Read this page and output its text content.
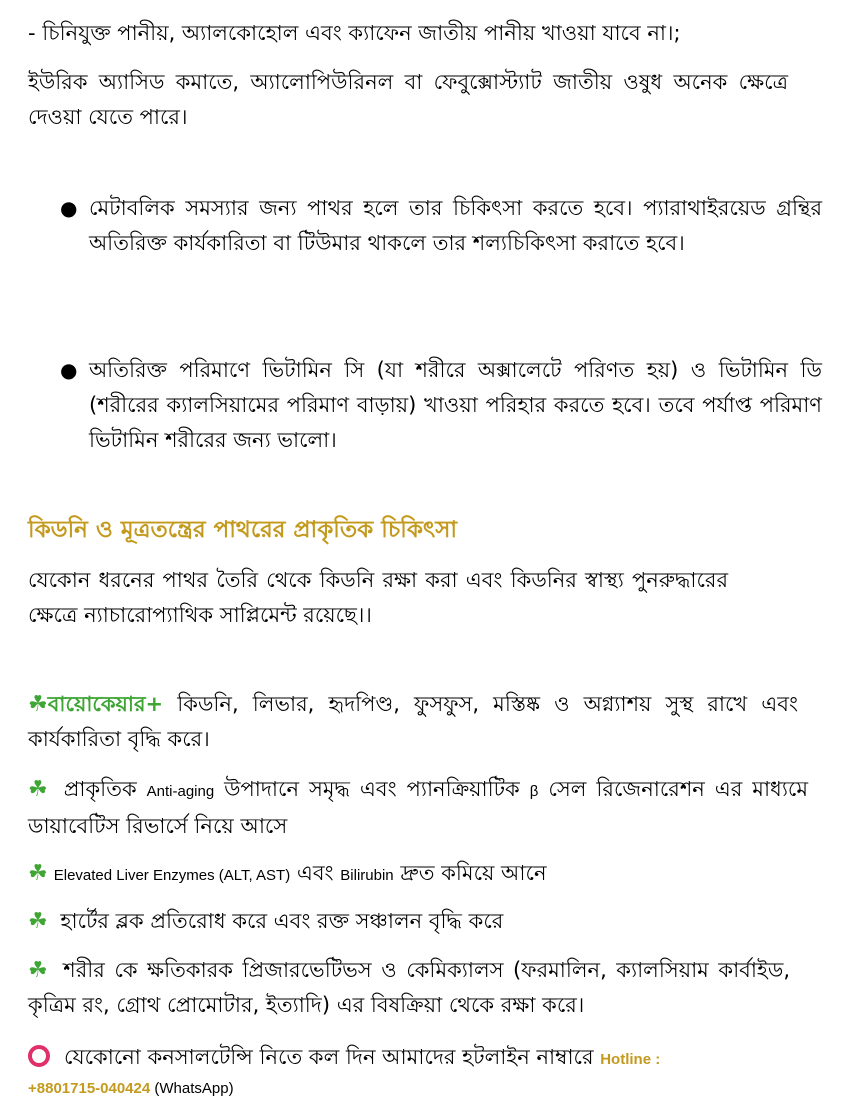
- চিনিযুক্ত পানীয়, অ্যালকোহোল এবং ক্যাফেন জাতীয় পানীয় খাওয়া যাবে না।;
ইউরিক অ্যাসিড কমাতে, অ্যালোপিউরিনল বা ফেবুক্সোস্ট্যাট জাতীয় ওষুধ অনেক ক্ষেত্রে দেওয়া যেতে পারে।
● মেটাবলিক সমস্যার জন্য পাথর হলে তার চিকিৎসা করতে হবে। প্যারাথাইরয়েড গ্রন্থির অতিরিক্ত কার্যকারিতা বা টিউমার থাকলে তার শল্যচিকিৎসা করাতে হবে।
● অতিরিক্ত পরিমাণে ভিটামিন সি (যা শরীরে অক্সালেটে পরিণত হয়) ও ভিটামিন ডি (শরীরের ক্যালসিয়ামের পরিমাণ বাড়ায়) খাওয়া পরিহার করতে হবে। তবে পর্যাপ্ত পরিমাণ ভিটামিন শরীরের জন্য ভালো।
কিডনি ও মূত্রতন্ত্রের পাথরের প্রাকৃতিক চিকিৎসা
যেকোন ধরনের পাথর তৈরি থেকে কিডনি রক্ষা করা এবং কিডনির স্বাস্থ্য পুনরুদ্ধারের ক্ষেত্রে ন্যাচারোপ্যাথিক সাপ্লিমেন্ট রয়েছে।।
☘বায়োকেয়ার+ কিডনি, লিভার, হৃদপিণ্ড, ফুসফুস, মস্তিষ্ক ও অগ্ন্যাশয় সুস্থ রাখে এবং কার্যকারিতা বৃদ্ধি করে।
☘ প্রাকৃতিক Anti-aging উপাদানে সমৃদ্ধ এবং প্যানক্রিয়াটিক β সেল রিজেনারেশন এর মাধ্যমে ডায়াবেটিস রিভার্সে নিয়ে আসে
☘ Elevated Liver Enzymes (ALT, AST) এবং Bilirubin দ্রুত কমিয়ে আনে
☘ হার্টের ব্লক প্রতিরোধ করে এবং রক্ত সঞ্চালন বৃদ্ধি করে
☘ শরীর কে ক্ষতিকারক প্রিজারভেটিভস ও কেমিক্যালস (ফরমালিন, ক্যালসিয়াম কার্বাইড, কৃত্রিম রং, গ্রোথ প্রোমোটার, ইত্যাদি) এর বিষক্রিয়া থেকে রক্ষা করে।
যেকোনো কনসালটেন্সি নিতে কল দিন আমাদের হটলাইন নাম্বারে Hotline :
+8801715-040424 (WhatsApp)
